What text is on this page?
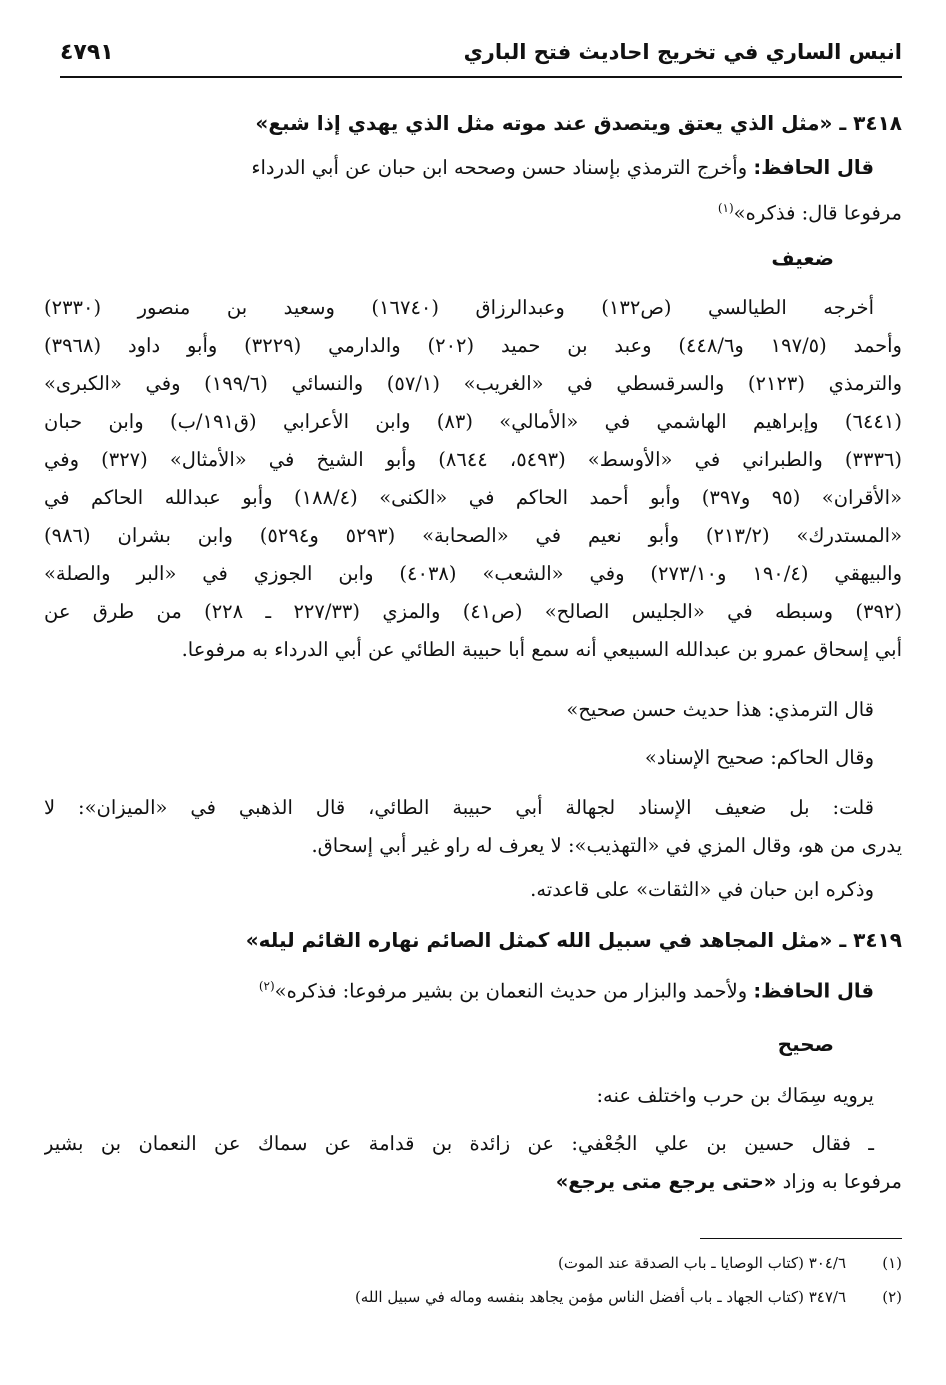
انيس الساري في تخريج احاديث فتح الباري
٤٧٩١
٣٤١٨ ـ «مثل الذي يعتق ويتصدق عند موته مثل الذي يهدي إذا شبع»
قال الحافظ: وأخرج الترمذي بإسناد حسن وصححه ابن حبان عن أبي الدرداء
مرفوعا قال: فذكره»$^{(١)}$
ضعيف
أخرجه الطيالسي (ص١٣٢) وعبدالرزاق (١٦٧٤٠) وسعيد بن منصور (٢٣٣٠)
وأحمد (١٩٧/٥ و٤٤٨/٦) وعبد بن حميد (٢٠٢) والدارمي (٣٢٢٩) وأبو داود (٣٩٦٨)
والترمذي (٢١٢٣) والسرقسطي في «الغريب» (٥٧/١) والنسائي (١٩٩/٦) وفي «الكبرى»
(٦٤٤١) وإبراهيم الهاشمي في «الأمالي» (٨٣) وابن الأعرابي (ق١٩١/ب) وابن حبان
(٣٣٣٦) والطبراني في «الأوسط» (٥٤٩٣، ٨٦٤٤) وأبو الشيخ في «الأمثال» (٣٢٧) وفي
«الأقران» (٩٥ و٣٩٧) وأبو أحمد الحاكم في «الكنى» (١٨٨/٤) وأبو عبدالله الحاكم في
«المستدرك» (٢١٣/٢) وأبو نعيم في «الصحابة» (٥٢٩٣ و٥٢٩٤) وابن بشران (٩٨٦)
والبيهقي (١٩٠/٤ و٢٧٣/١٠) وفي «الشعب» (٤٠٣٨) وابن الجوزي في «البر والصلة»
(٣٩٢) وسبطه في «الجليس الصالح» (ص٤١) والمزي (٢٢٧/٣٣ ـ ٢٢٨) من طرق عن
أبي إسحاق عمرو بن عبدالله السبيعي أنه سمع أبا حبيبة الطائي عن أبي الدرداء به مرفوعا.
قال الترمذي: هذا حديث حسن صحيح»
وقال الحاكم: صحيح الإسناد»
قلت: بل ضعيف الإسناد لجهالة أبي حبيبة الطائي، قال الذهبي في «الميزان»: لا
يدرى من هو، وقال المزي في «التهذيب»: لا يعرف له راو غير أبي إسحاق.
وذكره ابن حبان في «الثقات» على قاعدته.
٣٤١٩ ـ «مثل المجاهد في سبيل الله كمثل الصائم نهاره القائم ليله»
قال الحافظ: ولأحمد والبزار من حديث النعمان بن بشير مرفوعا: فذكره»$^{(٢)}$
صحيح
يرويه سِمَاك بن حرب واختلف عنه:
ـ فقال حسين بن علي الجُعْفي: عن زائدة بن قدامة عن سماك عن النعمان بن بشير
مرفوعا به وزاد «حتى يرجع متى يرجع»
(١)٣٠٤/٦ (كتاب الوصايا ـ باب الصدقة عند الموت)
(٢)٣٤٧/٦ (كتاب الجهاد ـ باب أفضل الناس مؤمن يجاهد بنفسه وماله في سبيل الله)
